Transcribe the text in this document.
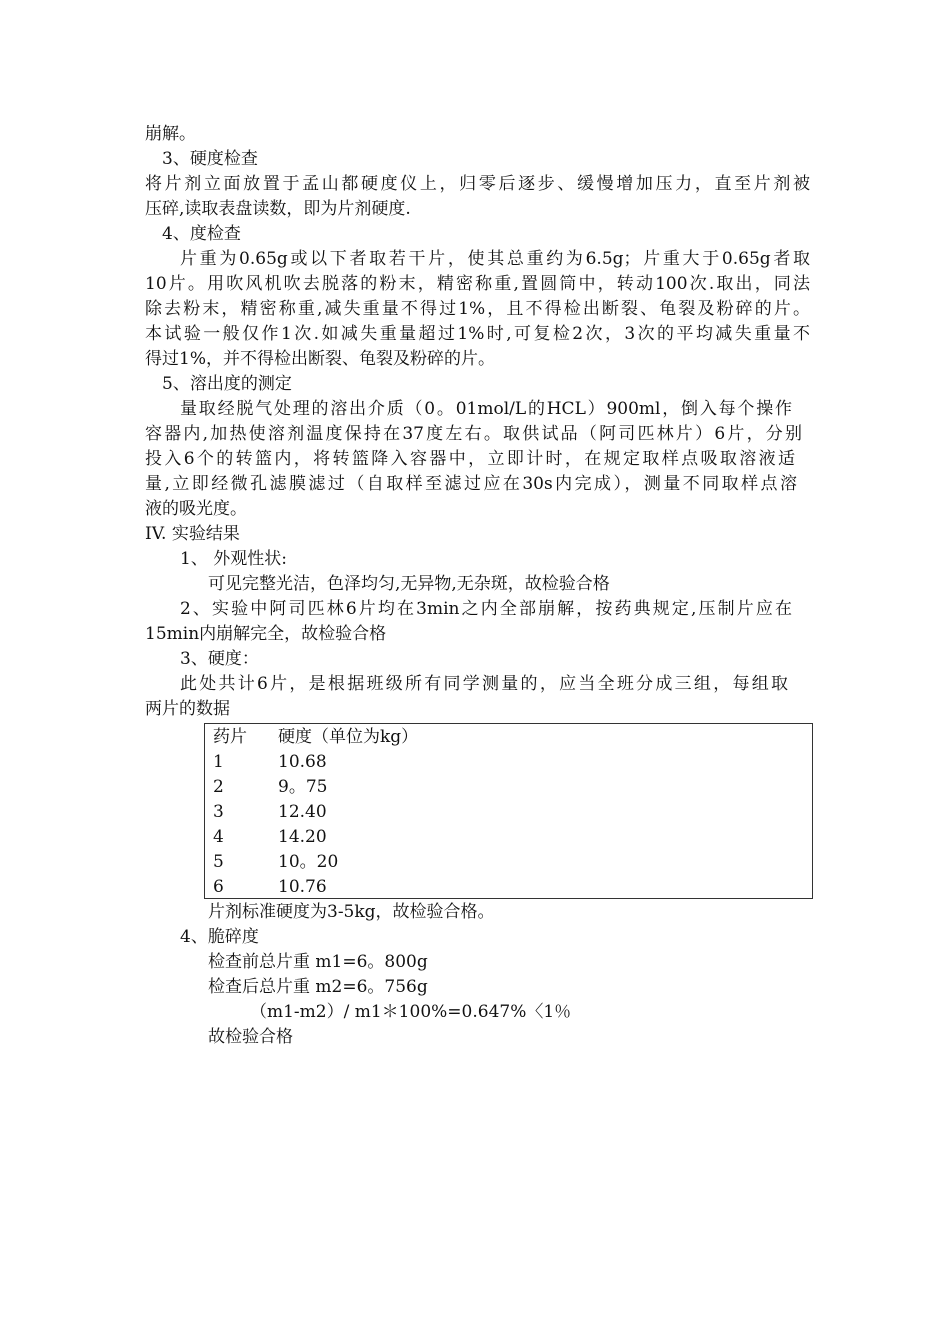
崩解。
3、硬度检查
将片剂立面放置于孟山都硬度仪上，归零后逐步、缓慢增加压力，直至片剂被
压碎,读取表盘读数，即为片剂硬度.
4、度检查
片重为0.65g或以下者取若干片，使其总重约为6.5g；片重大于0.65g者取
10片。用吹风机吹去脱落的粉末，精密称重,置圆筒中，转动100次.取出，同法
除去粉末，精密称重,减失重量不得过1%，且不得检出断裂、龟裂及粉碎的片。
本试验一般仅作1次.如减失重量超过1%时,可复检2次，3次的平均减失重量不
得过1%，并不得检出断裂、龟裂及粉碎的片。
5、溶出度的测定
量取经脱气处理的溶出介质（0。01mol/L的HCL）900ml，倒入每个操作
容器内,加热使溶剂温度保持在37度左右。取供试品（阿司匹林片）6片，分别
投入6个的转篮内，将转篮降入容器中，立即计时，在规定取样点吸取溶液适
量,立即经微孔滤膜滤过（自取样至滤过应在30s内完成），测量不同取样点溶
液的吸光度。
IV. 实验结果
1、 外观性状:
可见完整光洁，色泽均匀,无异物,无杂斑，故检验合格
2、实验中阿司匹林6片均在3min之内全部崩解，按药典规定,压制片应在
15min内崩解完全，故检验合格
3、硬度：
此处共计6片，是根据班级所有同学测量的，应当全班分成三组，每组取
两片的数据
药片 硬度（单位为kg）
1	10.68
2	9。75
3	12.40
4	14.20
5	10。20
6	10.76
片剂标准硬度为3-5kg，故检验合格。
4、脆碎度
检查前总片重 m1=6。800g
检查后总片重 m2=6。756g
（m1-m2）/ m1＊100%=0.647%〈1％
故检验合格
